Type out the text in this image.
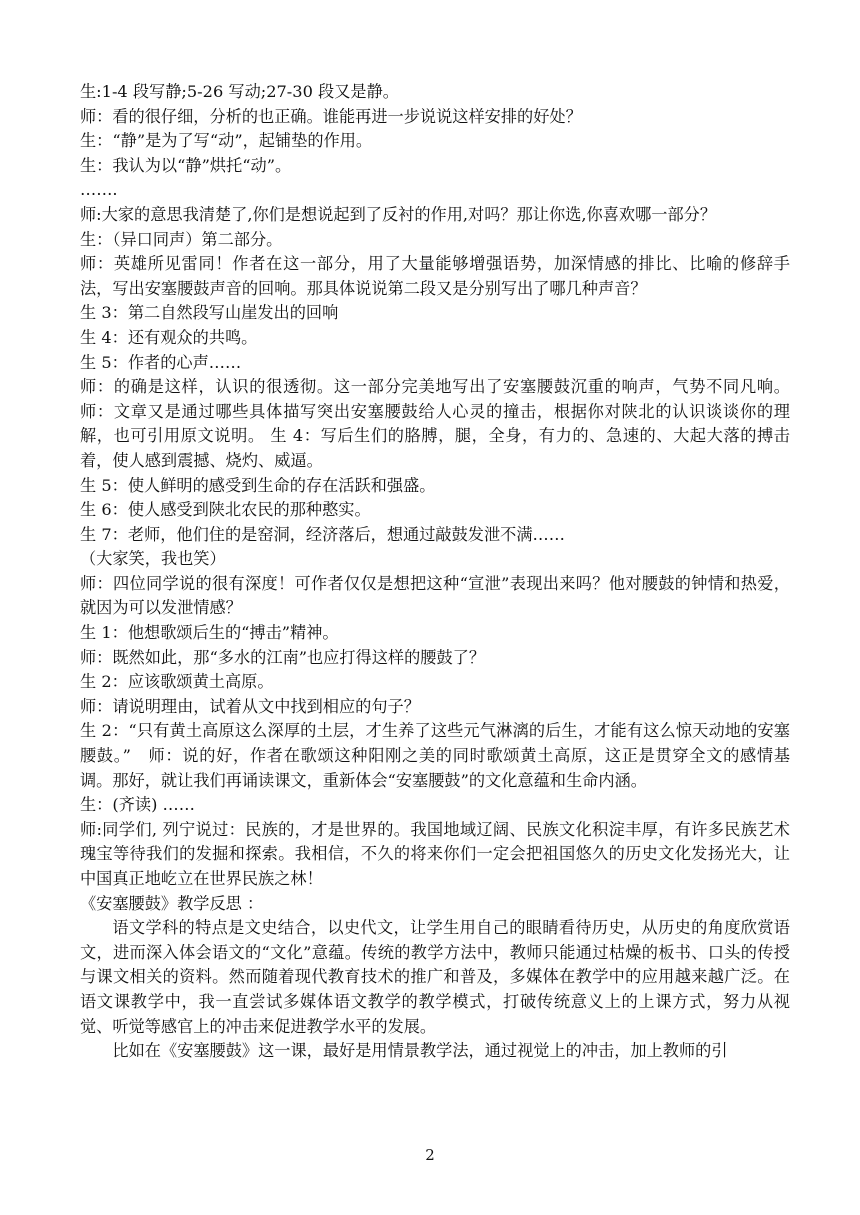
生:1-4 段写静;5-26 写动;27-30 段又是静。

师：看的很仔细，分析的也正确。谁能再进一步说说这样安排的好处？

生：“静”是为了写“动”，起铺垫的作用。

生：我认为以“静”烘托“动”。

…….

师:大家的意思我清楚了,你们是想说起到了反衬的作用,对吗？那让你选,你喜欢哪一部分？

生：（异口同声）第二部分。

师：英雄所见雷同！作者在这一部分，用了大量能够增强语势，加深情感的排比、比喻的修辞手法，写出安塞腰鼓声音的回响。那具体说说第二段又是分别写出了哪几种声音？

生 3：第二自然段写山崖发出的回响

生 4：还有观众的共鸣。

生 5：作者的心声……

师：的确是这样，认识的很透彻。这一部分完美地写出了安塞腰鼓沉重的响声，气势不同凡响。 师：文章又是通过哪些具体描写突出安塞腰鼓给人心灵的撞击，根据你对陕北的认识谈谈你的理解，也可引用原文说明。 生 4：写后生们的胳膊，腿，全身，有力的、急速的、大起大落的搏击着，使人感到震撼、烧灼、威逼。

生 5：使人鲜明的感受到生命的存在活跃和强盛。

生 6：使人感受到陕北农民的那种憨实。

生 7：老师，他们住的是窑洞，经济落后，想通过敲鼓发泄不满……

（大家笑，我也笑）

师：四位同学说的很有深度！可作者仅仅是想把这种“宣泄”表现出来吗？他对腰鼓的钟情和热爱，就因为可以发泄情感？

生 1：他想歌颂后生的“搏击”精神。

师：既然如此，那“多水的江南”也应打得这样的腰鼓了？

生 2：应该歌颂黄土高原。

师：请说明理由，试着从文中找到相应的句子？

生 2：“只有黄土高原这么深厚的土层，才生养了这些元气淋漓的后生，才能有这么惊天动地的安塞腰鼓。”　师：说的好，作者在歌颂这种阳刚之美的同时歌颂黄土高原，这正是贯穿全文的感情基调。那好，就让我们再诵读课文，重新体会“安塞腰鼓”的文化意蕴和生命内涵。

生：(齐读) ……

师:同学们, 列宁说过：民族的，才是世界的。我国地域辽阔、民族文化积淀丰厚，有许多民族艺术瑰宝等待我们的发掘和探索。我相信，不久的将来你们一定会把祖国悠久的历史文化发扬光大，让中国真正地屹立在世界民族之林！

《安塞腰鼓》教学反思 ：

语文学科的特点是文史结合，以史代文，让学生用自己的眼睛看待历史，从历史的角度欣赏语文，进而深入体会语文的“文化”意蕴。传统的教学方法中，教师只能通过枯燥的板书、口头的传授与课文相关的资料。然而随着现代教育技术的推广和普及，多媒体在教学中的应用越来越广泛。在语文课教学中，我一直尝试多媒体语文教学的教学模式，打破传统意义上的上课方式，努力从视觉、听觉等感官上的冲击来促进教学水平的发展。

比如在《安塞腰鼓》这一课，最好是用情景教学法，通过视觉上的冲击，加上教师的引

2
